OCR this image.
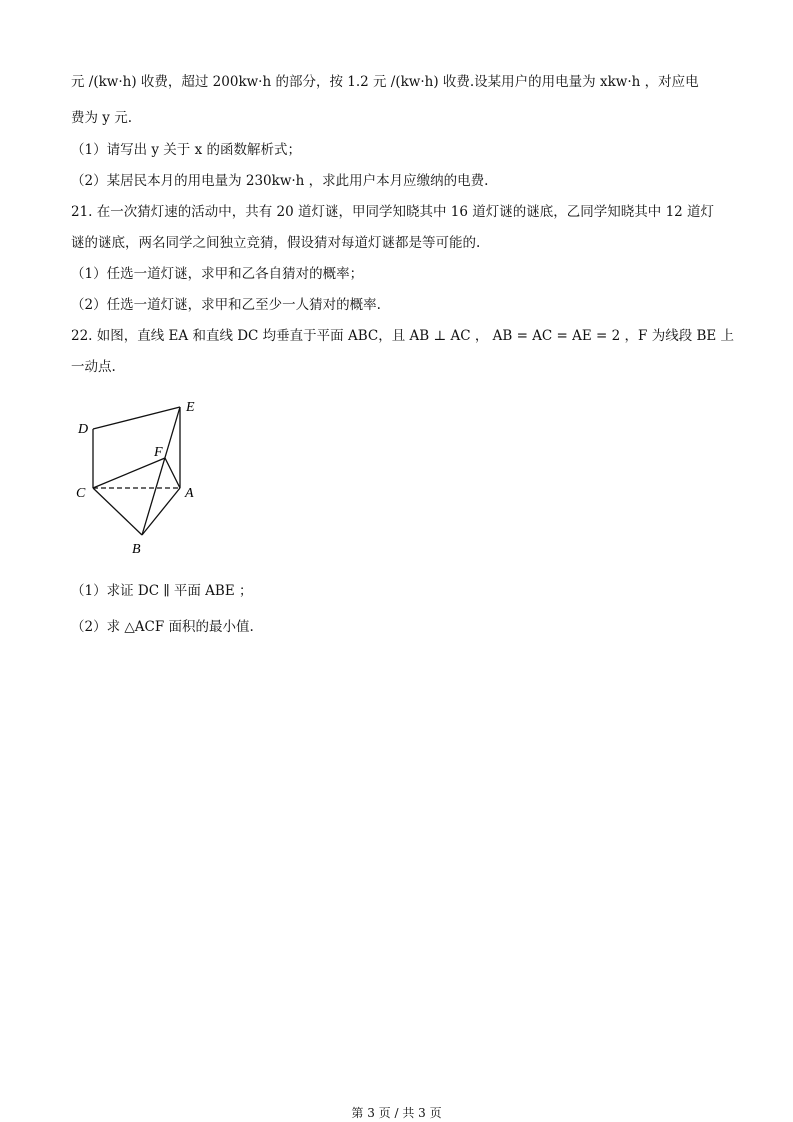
元 /(kw·h) 收费，超过 200kw·h 的部分，按 1.2 元 /(kw·h) 收费.设某用户的用电量为 xkw·h ，对应电
费为 y 元.
（1）请写出 y 关于 x 的函数解析式；
（2）某居民本月的用电量为 230kw·h ，求此用户本月应缴纳的电费.
21. 在一次猜灯速的活动中，共有 20 道灯谜，甲同学知晓其中 16 道灯谜的谜底，乙同学知晓其中 12 道灯
谜的谜底，两名同学之间独立竞猜，假设猜对每道灯谜都是等可能的.
（1）任选一道灯谜，求甲和乙各自猜对的概率；
（2）任选一道灯谜，求甲和乙至少一人猜对的概率.
22. 如图，直线 EA 和直线 DC 均垂直于平面 ABC，且 AB ⊥ AC ， AB = AC = AE = 2 ，F 为线段 BE 上
一动点.
D
E
F
C	A
B
（1）求证 DC ∥ 平面 ABE ；
（2）求 △ACF 面积的最小值.
第 3 页 / 共 3 页
